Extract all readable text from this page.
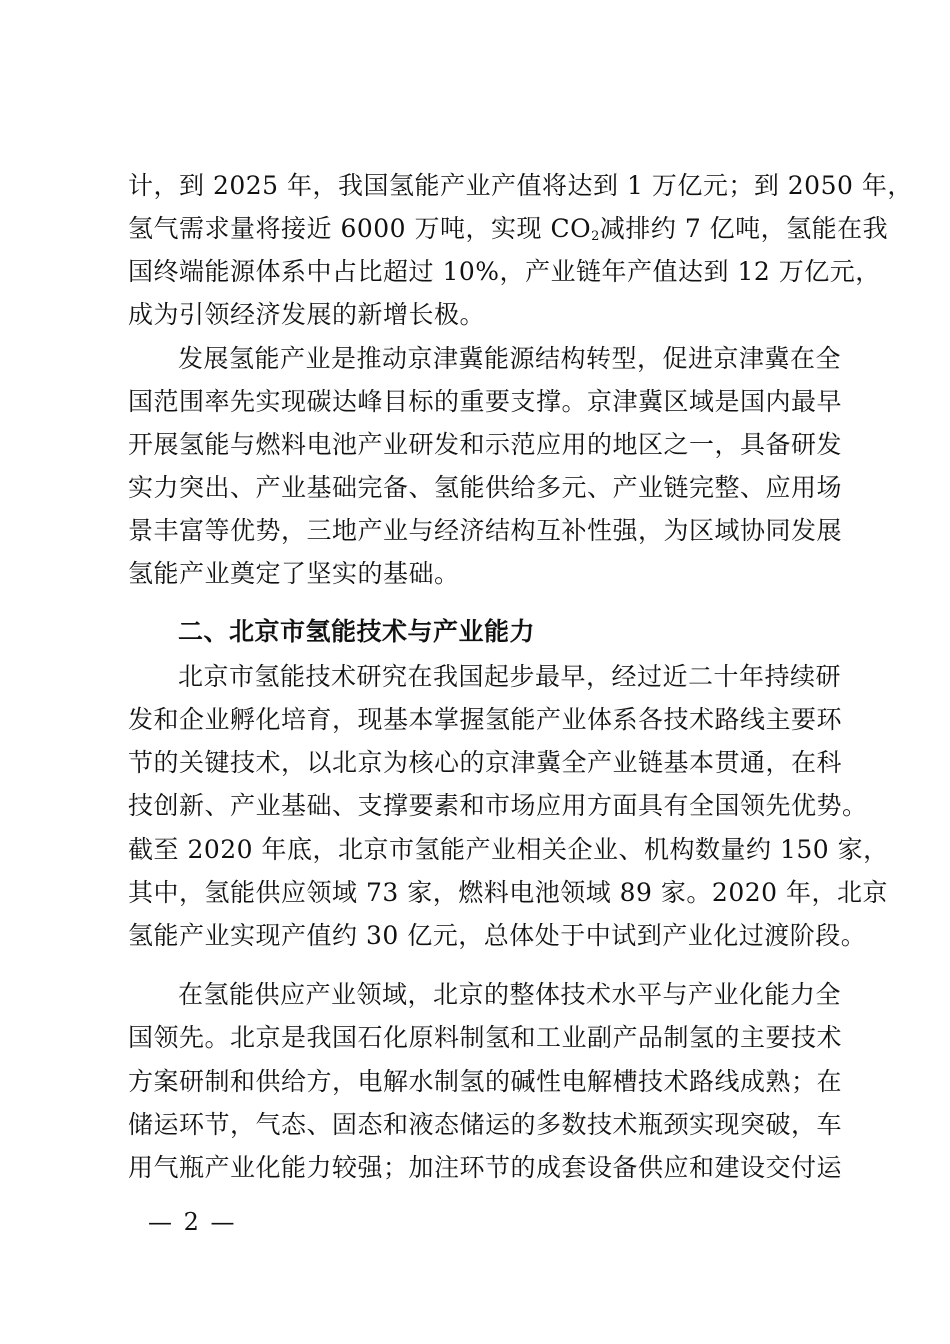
计，到 2025 年，我国氢能产业产值将达到 1 万亿元；到 2050 年，
氢气需求量将接近 6000 万吨，实现 $CO_2$减排约 7 亿吨，氢能在我
国终端能源体系中占比超过 10%，产业链年产值达到 12 万亿元，
成为引领经济发展的新增长极。
发展氢能产业是推动京津冀能源结构转型，促进京津冀在全
国范围率先实现碳达峰目标的重要支撑。京津冀区域是国内最早
开展氢能与燃料电池产业研发和示范应用的地区之一，具备研发
实力突出、产业基础完备、氢能供给多元、产业链完整、应用场
景丰富等优势，三地产业与经济结构互补性强，为区域协同发展
氢能产业奠定了坚实的基础。
二、北京市氢能技术与产业能力
北京市氢能技术研究在我国起步最早，经过近二十年持续研
发和企业孵化培育，现基本掌握氢能产业体系各技术路线主要环
节的关键技术，以北京为核心的京津冀全产业链基本贯通，在科
技创新、产业基础、支撑要素和市场应用方面具有全国领先优势。
截至 2020 年底，北京市氢能产业相关企业、机构数量约 150 家，
其中，氢能供应领域 73 家，燃料电池领域 89 家。2020 年，北京
氢能产业实现产值约 30 亿元，总体处于中试到产业化过渡阶段。
在氢能供应产业领域，北京的整体技术水平与产业化能力全
国领先。北京是我国石化原料制氢和工业副产品制氢的主要技术
方案研制和供给方，电解水制氢的碱性电解槽技术路线成熟；在
储运环节，气态、固态和液态储运的多数技术瓶颈实现突破，车
用气瓶产业化能力较强；加注环节的成套设备供应和建设交付运
— 2 —
